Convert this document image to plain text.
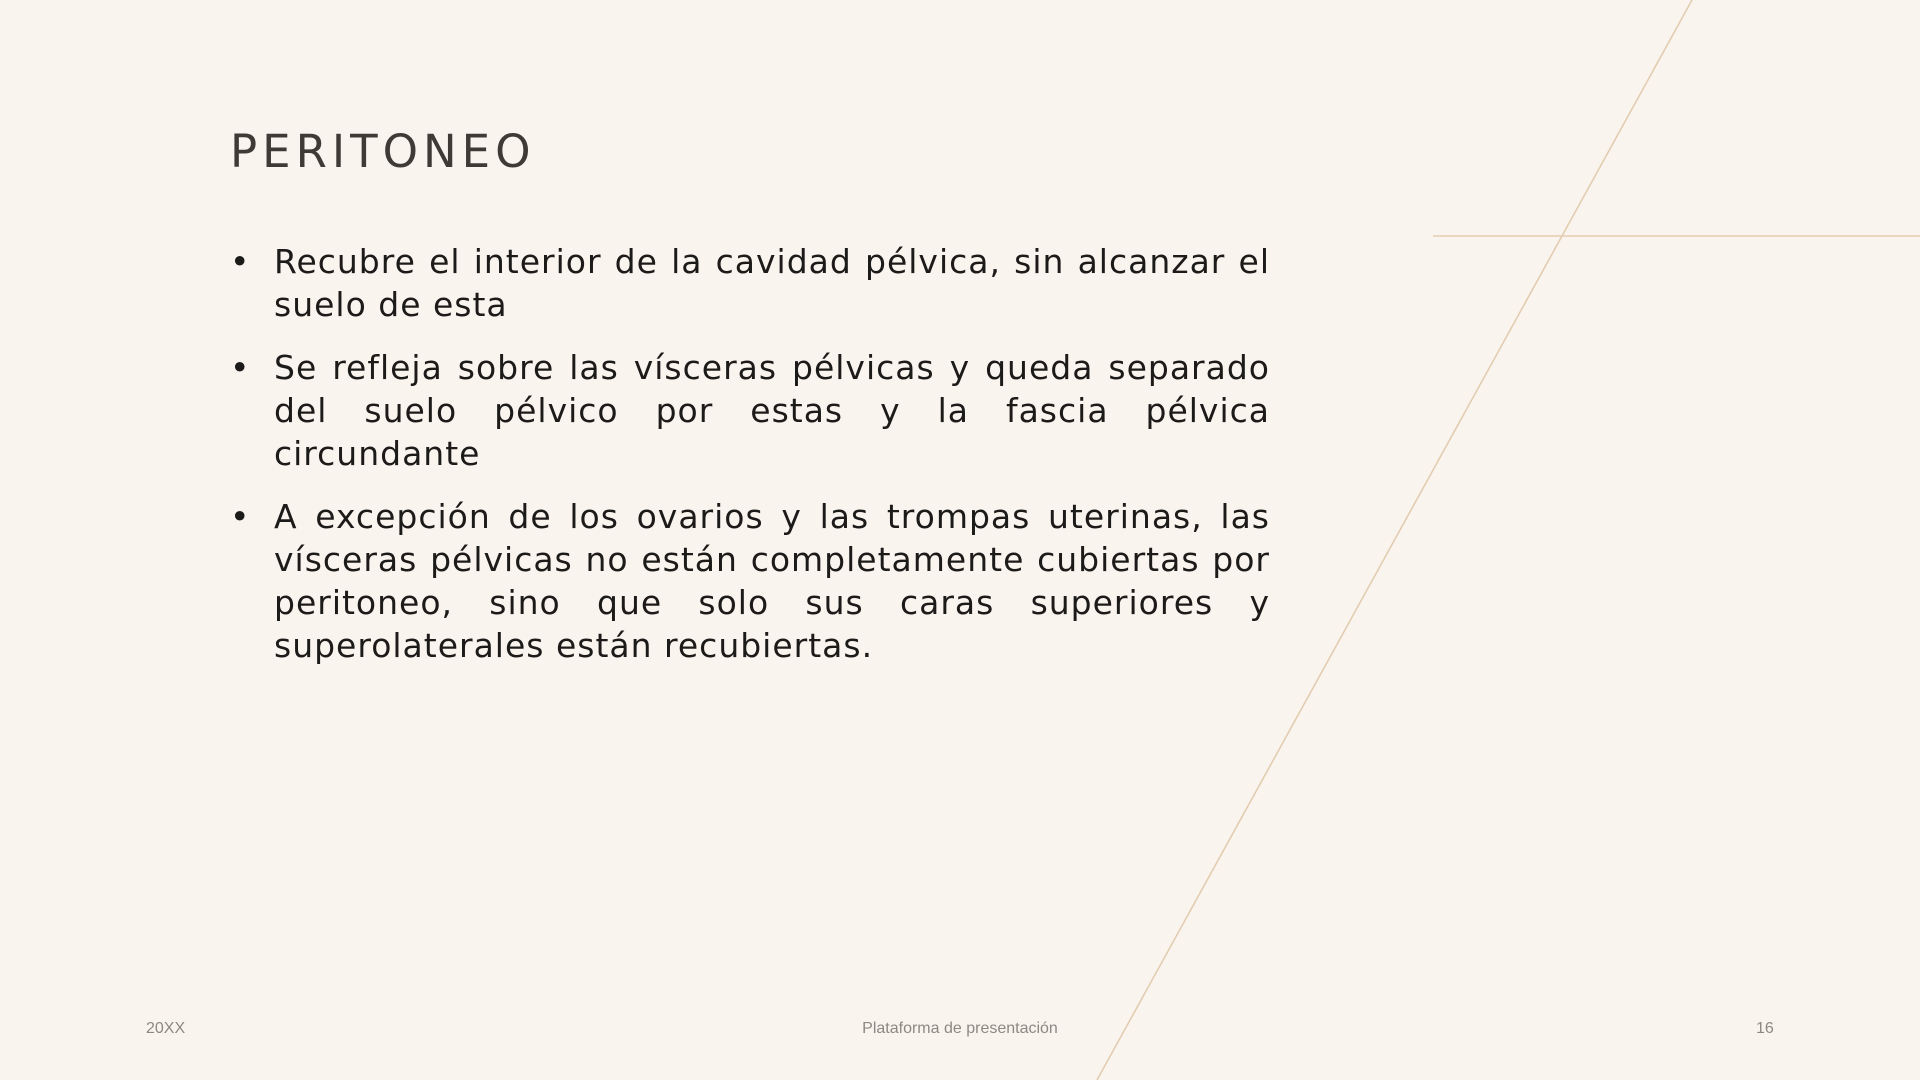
PERITONEO
• Recubre el interior de la cavidad pélvica, sin alcanzar el suelo de esta
• Se refleja sobre las vísceras pélvicas y queda separado del suelo pélvico por estas y la fascia pélvica circundante
• A excepción de los ovarios y las trompas uterinas, las vísceras pélvicas no están completamente cubiertas por peritoneo, sino que solo sus caras superiores y superolaterales están recubiertas.
20XX	Plataforma de presentación	16
